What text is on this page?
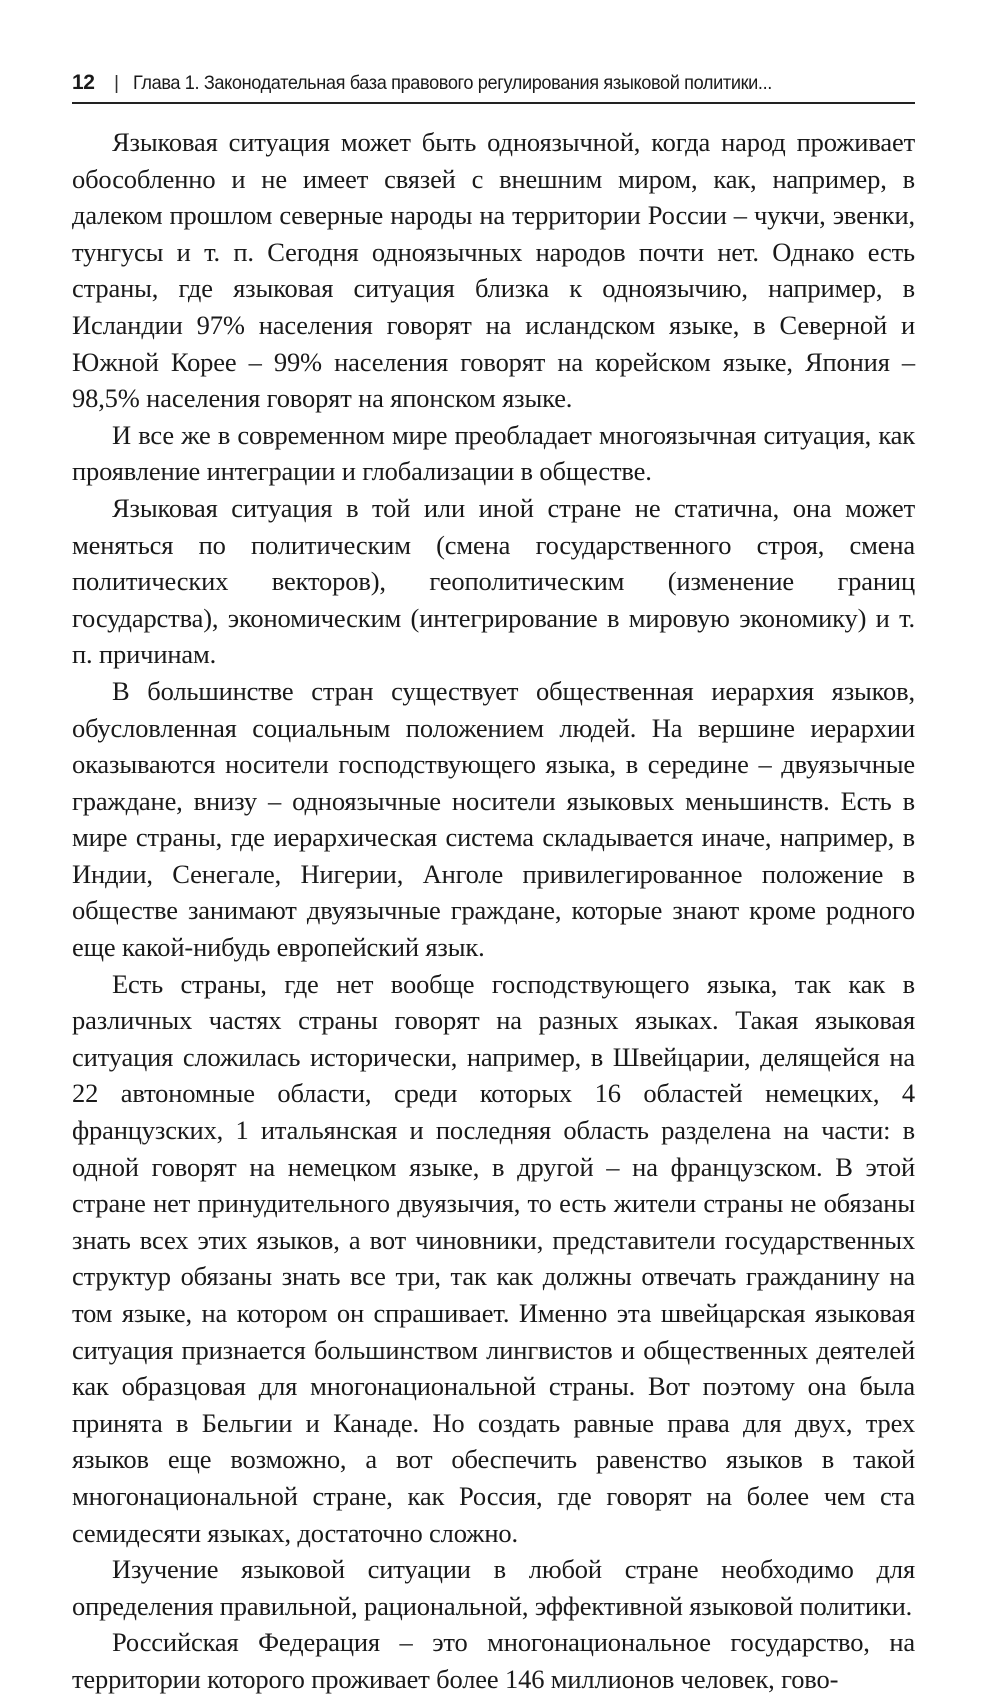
12 | Глава 1. Законодательная база правового регулирования языковой политики...

Языковая ситуация может быть одноязычной, когда народ проживает обособленно и не имеет связей с внешним миром, как, например, в далеком прошлом северные народы на территории России – чукчи, эвенки, тунгусы и т. п. Сегодня одноязычных народов почти нет. Однако есть страны, где языковая ситуация близка к одноязычию, например, в Исландии 97% населения говорят на исландском языке, в Северной и Южной Корее – 99% населения говорят на корейском языке, Япония – 98,5% населения говорят на японском языке.

И все же в современном мире преобладает многоязычная ситуация, как проявление интеграции и глобализации в обществе.

Языковая ситуация в той или иной стране не статична, она может меняться по политическим (смена государственного строя, смена политических векторов), геополитическим (изменение границ государства), экономическим (интегрирование в мировую экономику) и т. п. причинам.

В большинстве стран существует общественная иерархия языков, обусловленная социальным положением людей. На вершине иерархии оказываются носители господствующего языка, в середине – двуязычные граждане, внизу – одноязычные носители языковых меньшинств. Есть в мире страны, где иерархическая система складывается иначе, например, в Индии, Сенегале, Нигерии, Анголе привилегированное положение в обществе занимают двуязычные граждане, которые знают кроме родного еще какой-нибудь европейский язык.

Есть страны, где нет вообще господствующего языка, так как в различных частях страны говорят на разных языках. Такая языковая ситуация сложилась исторически, например, в Швейцарии, делящейся на 22 автономные области, среди которых 16 областей немецких, 4 французских, 1 итальянская и последняя область разделена на части: в одной говорят на немецком языке, в другой – на французском. В этой стране нет принудительного двуязычия, то есть жители страны не обязаны знать всех этих языков, а вот чиновники, представители государственных структур обязаны знать все три, так как должны отвечать гражданину на том языке, на котором он спрашивает. Именно эта швейцарская языковая ситуация признается большинством лингвистов и общественных деятелей как образцовая для многонациональной страны. Вот поэтому она была принята в Бельгии и Канаде. Но создать равные права для двух, трех языков еще возможно, а вот обеспечить равенство языков в такой многонациональной стране, как Россия, где говорят на более чем ста семидесяти языках, достаточно сложно.

Изучение языковой ситуации в любой стране необходимо для определения правильной, рациональной, эффективной языковой политики.

Российская Федерация – это многонациональное государство, на территории которого проживает более 146 миллионов человек, гово-
